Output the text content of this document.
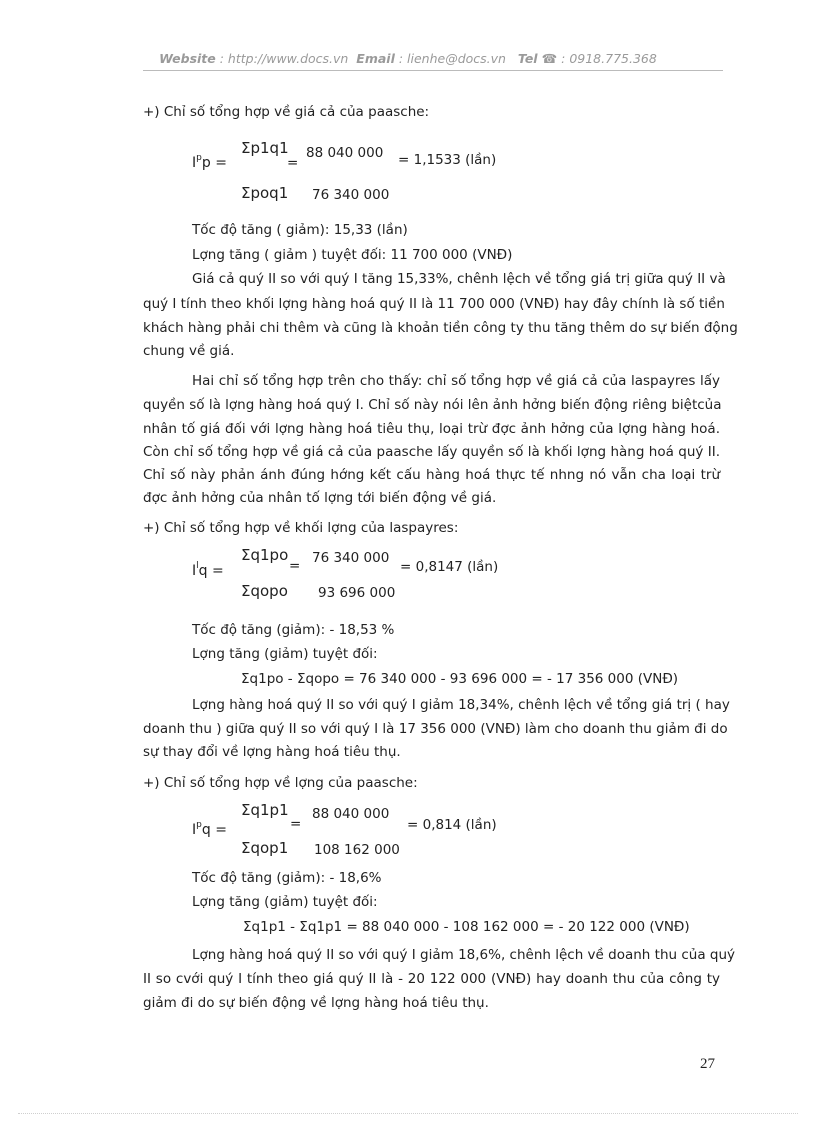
Website : http://www.docs.vn Email : lienhe@docs.vn Tel ☎ : 0918.775.368
+) Chỉ số tổng hợp về giá cả của paasche:
$I^pp$ =
Σp1q1
=
88 040 000 = 1,1533 (lần)
Σpoq1 76 340 000
Tốc độ tăng ( giảm): 15,33 (lần)
Lợng tăng ( giảm ) tuyệt đối: 11 700 000 (VNĐ)
Giá cả quý II so với quý I tăng 15,33%, chênh lệch về tổng giá trị giữa quý II và
quý I tính theo khối lợng hàng hoá quý II là 11 700 000 (VNĐ) hay đây chính là số tiền
khách hàng phải chi thêm và cũng là khoản tiền công ty thu tăng thêm do sự biến động
chung về giá.
Hai chỉ số tổng hợp trên cho thấy: chỉ số tổng hợp về giá cả của laspayres lấy
quyền số là lợng hàng hoá quý I. Chỉ số này nói lên ảnh hởng biến động riêng biệtcủa
nhân tố giá đối với lợng hàng hoá tiêu thụ, loại trừ đợc ảnh hởng của lợng hàng hoá.
Còn chỉ số tổng hợp về giá cả của paasche lấy quyền số là khối lợng hàng hoá quý II.
Chỉ số này phản ánh đúng hớng kết cấu hàng hoá thực tế nhng nó vẫn cha loại trừ
đợc ảnh hởng của nhân tố lợng tới biến động về giá.
+) Chỉ số tổng hợp về khối lợng của laspayres:
$I^lq$ =
Σq1po
= 76 340 000
= 0,8147 (lần)
Σqopo 93 696 000
Tốc độ tăng (giảm): - 18,53 %
Lợng tăng (giảm) tuyệt đối:
Σq1po - Σqopo = 76 340 000 - 93 696 000 = - 17 356 000 (VNĐ)
Lợng hàng hoá quý II so với quý I giảm 18,34%, chênh lệch về tổng giá trị ( hay
doanh thu ) giữa quý II so với quý I là 17 356 000 (VNĐ) làm cho doanh thu giảm đi do
sự thay đổi về lợng hàng hoá tiêu thụ.
+) Chỉ số tổng hợp về lợng của paasche:
$I^pq$ =
Σq1p1
=
88 040 000
= 0,814 (lần)
Σqop1 108 162 000
Tốc độ tăng (giảm): - 18,6%
Lợng tăng (giảm) tuyệt đối:
Σq1p1 - Σq1p1 = 88 040 000 - 108 162 000 = - 20 122 000 (VNĐ)
Lợng hàng hoá quý II so với quý I giảm 18,6%, chênh lệch về doanh thu của quý
II so cvới quý I tính theo giá quý II là - 20 122 000 (VNĐ) hay doanh thu của công ty
giảm đi do sự biến động về lợng hàng hoá tiêu thụ.
27
